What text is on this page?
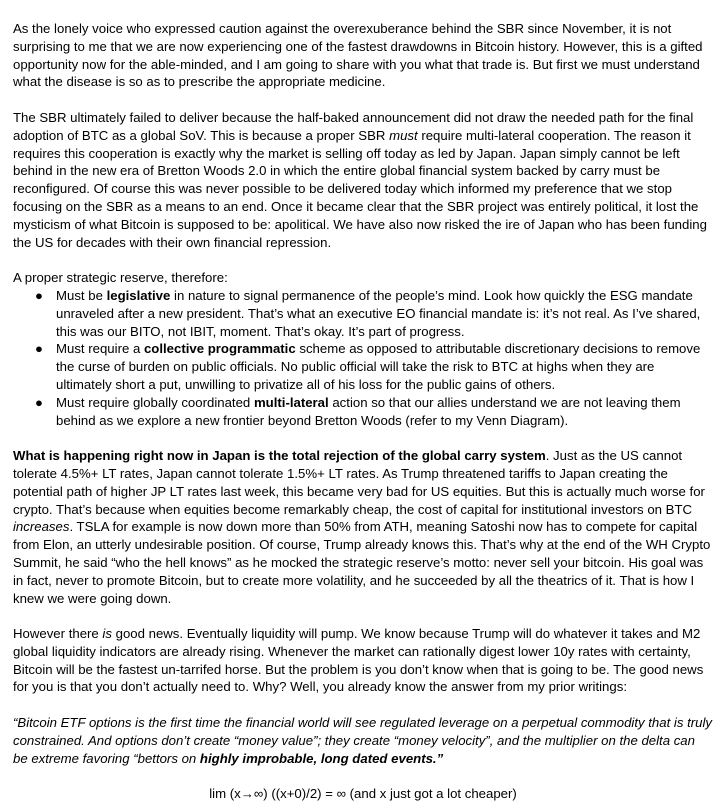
As the lonely voice who expressed caution against the overexuberance behind the SBR since November, it is not surprising to me that we are now experiencing one of the fastest drawdowns in Bitcoin history. However, this is a gifted opportunity now for the able-minded, and I am going to share with you what that trade is. But first we must understand what the disease is so as to prescribe the appropriate medicine.

The SBR ultimately failed to deliver because the half-baked announcement did not draw the needed path for the final adoption of BTC as a global SoV. This is because a proper SBR must require multi-lateral cooperation. The reason it requires this cooperation is exactly why the market is selling off today as led by Japan. Japan simply cannot be left behind in the new era of Bretton Woods 2.0 in which the entire global financial system backed by carry must be reconfigured. Of course this was never possible to be delivered today which informed my preference that we stop focusing on the SBR as a means to an end. Once it became clear that the SBR project was entirely political, it lost the mysticism of what Bitcoin is supposed to be: apolitical. We have also now risked the ire of Japan who has been funding the US for decades with their own financial repression.

A proper strategic reserve, therefore:

● Must be legislative in nature to signal permanence of the people’s mind. Look how quickly the ESG mandate unraveled after a new president. That’s what an executive EO financial mandate is: it’s not real. As I’ve shared, this was our BITO, not IBIT, moment. That’s okay. It’s part of progress.
● Must require a collective programmatic scheme as opposed to attributable discretionary decisions to remove the curse of burden on public officials. No public official will take the risk to BTC at highs when they are ultimately short a put, unwilling to privatize all of his loss for the public gains of others.
● Must require globally coordinated multi-lateral action so that our allies understand we are not leaving them behind as we explore a new frontier beyond Bretton Woods (refer to my Venn Diagram).

What is happening right now in Japan is the total rejection of the global carry system. Just as the US cannot tolerate 4.5%+ LT rates, Japan cannot tolerate 1.5%+ LT rates. As Trump threatened tariffs to Japan creating the potential path of higher JP LT rates last week, this became very bad for US equities. But this is actually much worse for crypto. That’s because when equities become remarkably cheap, the cost of capital for institutional investors on BTC increases. TSLA for example is now down more than 50% from ATH, meaning Satoshi now has to compete for capital from Elon, an utterly undesirable position. Of course, Trump already knows this. That’s why at the end of the WH Crypto Summit, he said “who the hell knows” as he mocked the strategic reserve’s motto: never sell your bitcoin. His goal was in fact, never to promote Bitcoin, but to create more volatility, and he succeeded by all the theatrics of it. That is how I knew we were going down.

However there is good news. Eventually liquidity will pump. We know because Trump will do whatever it takes and M2 global liquidity indicators are already rising. Whenever the market can rationally digest lower 10y rates with certainty, Bitcoin will be the fastest un-tarrifed horse. But the problem is you don’t know when that is going to be. The good news for you is that you don’t actually need to. Why? Well, you already know the answer from my prior writings:

“Bitcoin ETF options is the first time the financial world will see regulated leverage on a perpetual commodity that is truly constrained. And options don’t create “money value”; they create “money velocity”, and the multiplier on the delta can be extreme favoring “bettors on highly improbable, long dated events.”

lim (x→∞) ((x+0)/2) = ∞ (and x just got a lot cheaper)
